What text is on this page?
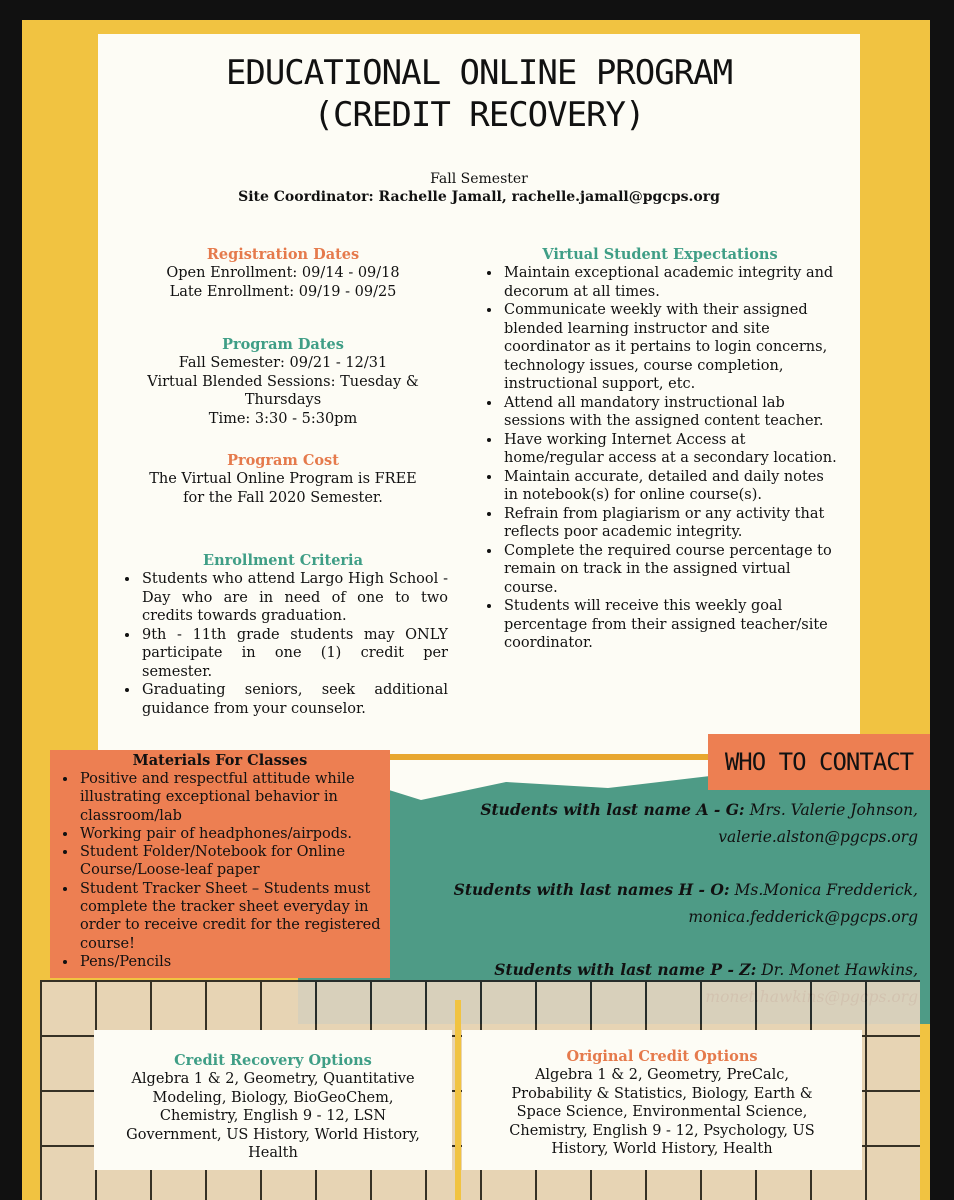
EDUCATIONAL ONLINE PROGRAM
(CREDIT RECOVERY)
Fall Semester
Site Coordinator: Rachelle Jamall, rachelle.jamall@pgcps.org
Registration Dates
Open Enrollment: 09/14 - 09/18
Late Enrollment: 09/19 - 09/25
Program Dates
Fall Semester: 09/21 - 12/31
Virtual Blended Sessions: Tuesday &
Thursdays
Time: 3:30 - 5:30pm
Program Cost
The Virtual Online Program is FREE
for the Fall 2020 Semester.
Enrollment Criteria
• Students who attend Largo High School - Day who are in need of one to two credits towards graduation.
• 9th - 11th grade students may ONLY participate in one (1) credit per semester.
• Graduating seniors, seek additional guidance from your counselor.
Virtual Student Expectations
• Maintain exceptional academic integrity and decorum at all times.
• Communicate weekly with their assigned blended learning instructor and site coordinator as it pertains to login concerns, technology issues, course completion, instructional support, etc.
• Attend all mandatory instructional lab sessions with the assigned content teacher.
• Have working Internet Access at home/regular access at a secondary location.
• Maintain accurate, detailed and daily notes in notebook(s) for online course(s).
• Refrain from plagiarism or any activity that reflects poor academic integrity.
• Complete the required course percentage to remain on track in the assigned virtual course.
• Students will receive this weekly goal percentage from their assigned teacher/site coordinator.
WHO TO CONTACT
Students with last name A - G: Mrs. Valerie Johnson,
valerie.alston@pgcps.org
Students with last names H - O: Ms.Monica Fredderick,
monica.fedderick@pgcps.org
Students with last name P - Z: Dr. Monet Hawkins,
Materials For Classes
• Positive and respectful attitude while illustrating exceptional behavior in classroom/lab
• Working pair of headphones/airpods.
• Student Folder/Notebook for Online Course/Loose-leaf paper
• Student Tracker Sheet – Students must complete the tracker sheet everyday in order to receive credit for the registered course!
• Pens/Pencils
Credit Recovery Options
Algebra 1 & 2, Geometry, Quantitative
Modeling, Biology, BioGeoChem,
Chemistry, English 9 - 12, LSN
Government, US History, World History,
Health
Original Credit Options
Algebra 1 & 2, Geometry, PreCalc,
Probability & Statistics, Biology, Earth &
Space Science, Environmental Science,
Chemistry, English 9 - 12, Psychology, US
History, World History, Health
